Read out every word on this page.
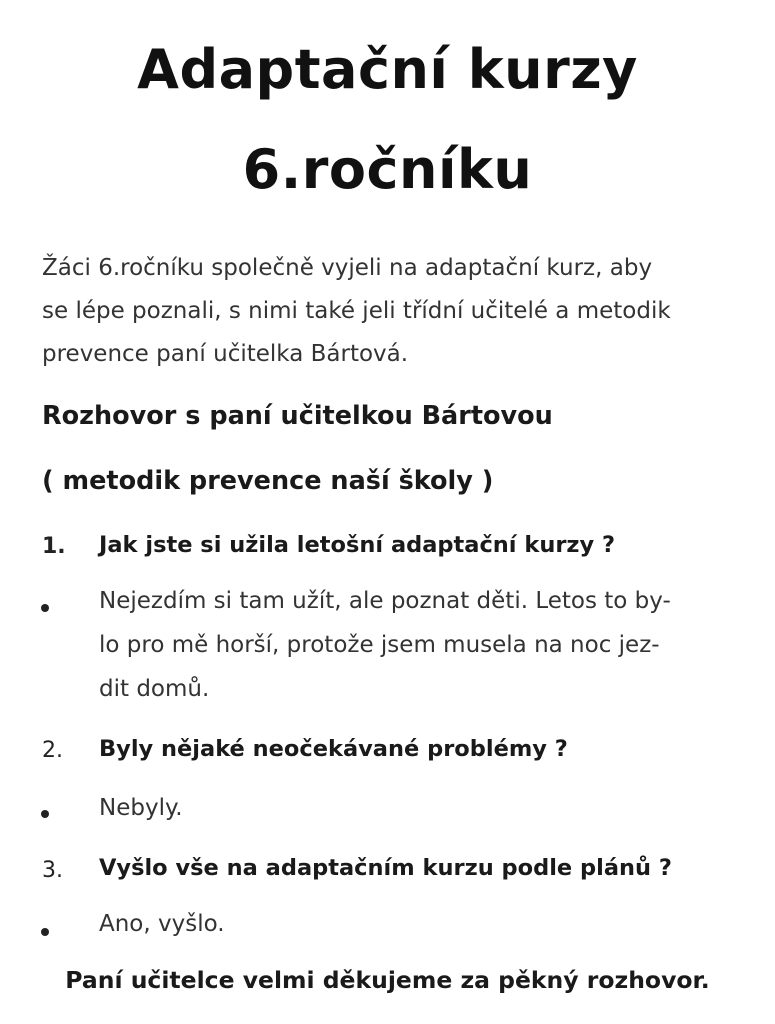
Adaptační kurzy
6.ročníku
Žáci 6.ročníku společně vyjeli na adaptační kurz, aby
se lépe poznali, s nimi také jeli třídní učitelé a metodik
prevence paní učitelka Bártová.
Rozhovor s paní učitelkou Bártovou
( metodik prevence naší školy )
1. Jak jste si užila letošní adaptační kurzy ?
Nejezdím si tam užít, ale poznat děti. Letos to by-
lo pro mě horší, protože jsem musela na noc jez-
dit domů.
2. Byly nějaké neočekávané problémy ?
Nebyly.
3. Vyšlo vše na adaptačním kurzu podle plánů ?
Ano, vyšlo.
Paní učitelce velmi děkujeme za pěkný rozhovor.
